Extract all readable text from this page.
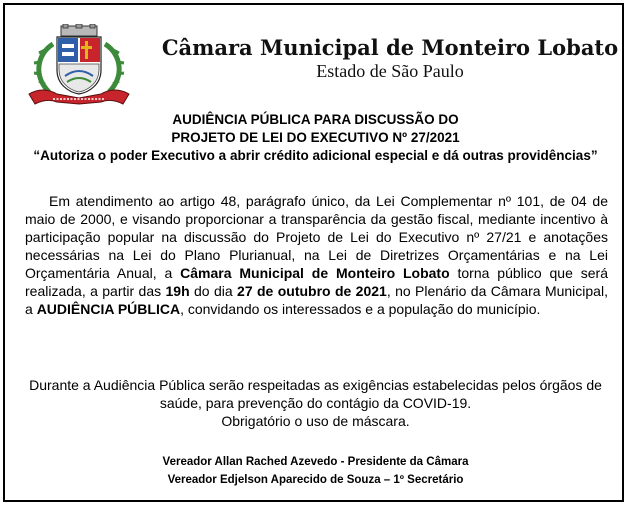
Câmara Municipal de Monteiro Lobato
Estado de São Paulo
AUDIÊNCIA PÚBLICA PARA DISCUSSÃO DO
PROJETO DE LEI DO EXECUTIVO Nº 27/2021
“Autoriza o poder Executivo a abrir crédito adicional especial e dá outras providências”

Em atendimento ao artigo 48, parágrafo único, da Lei Complementar nº 101, de 04 de maio de 2000, e visando proporcionar a transparência da gestão fiscal, mediante incentivo à participação popular na discussão do Projeto de Lei do Executivo nº 27/21 e anotações necessárias na Lei do Plano Plurianual, na Lei de Diretrizes Orçamentárias e na Lei Orçamentária Anual, a Câmara Municipal de Monteiro Lobato torna público que será realizada, a partir das 19h do dia 27 de outubro de 2021, no Plenário da Câmara Municipal, a AUDIÊNCIA PÚBLICA, convidando os interessados e a população do município.

Durante a Audiência Pública serão respeitadas as exigências estabelecidas pelos órgãos de
saúde, para prevenção do contágio da COVID-19.
Obrigatório o uso de máscara.
Vereador Allan Rached Azevedo - Presidente da Câmara
Vereador Edjelson Aparecido de Souza – 1º Secretário
